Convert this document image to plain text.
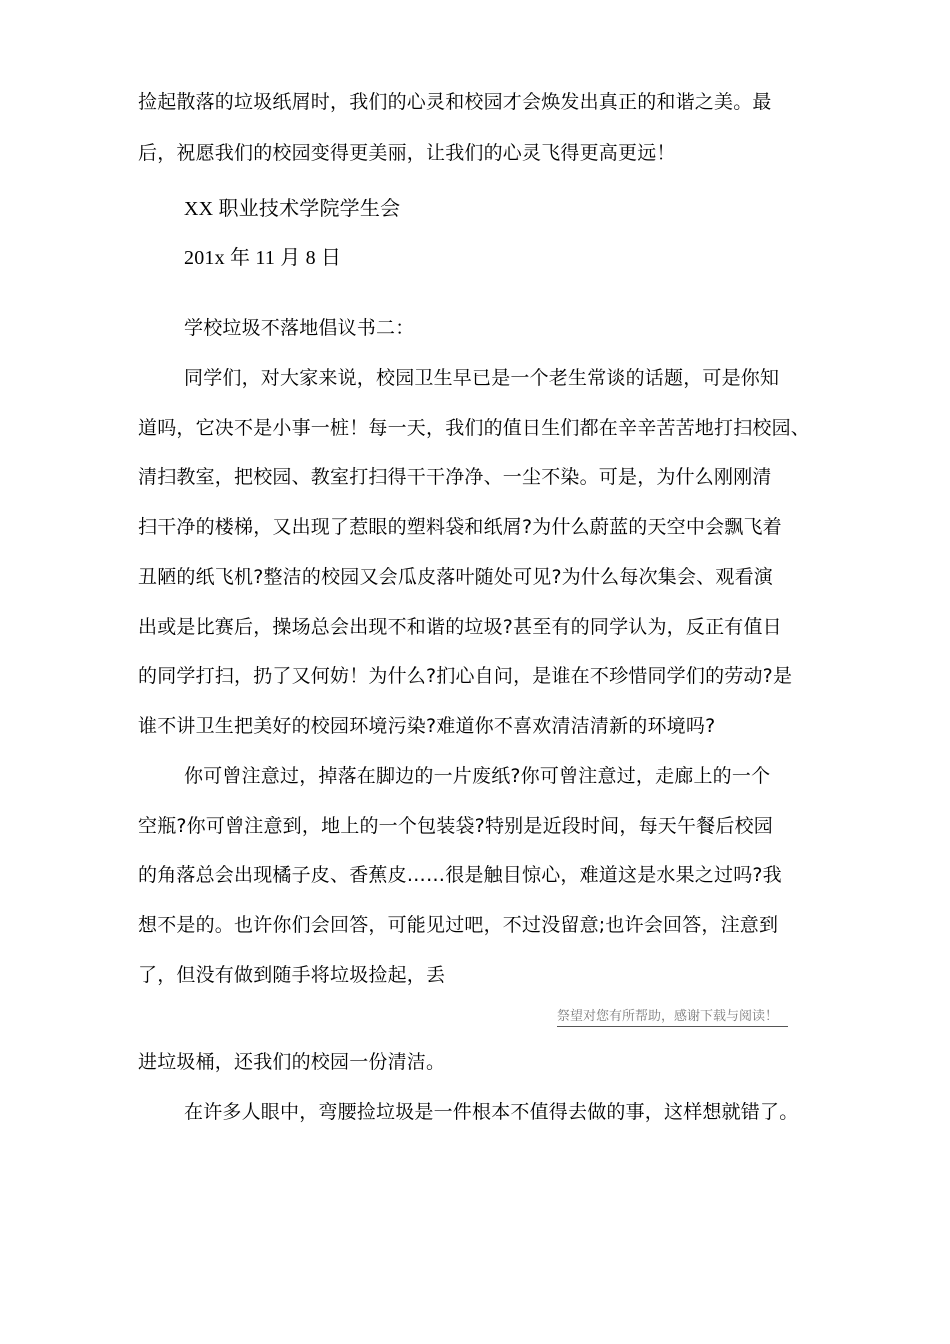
捡起散落的垃圾纸屑时，我们的心灵和校园才会焕发出真正的和谐之美。最
后，祝愿我们的校园变得更美丽，让我们的心灵飞得更高更远！
XX 职业技术学院学生会
201x 年 11 月 8 日
学校垃圾不落地倡议书二：
同学们，对大家来说，校园卫生早已是一个老生常谈的话题，可是你知
道吗，它决不是小事一桩！每一天，我们的值日生们都在辛辛苦苦地打扫校园、
清扫教室，把校园、教室打扫得干干净净、一尘不染。可是，为什么刚刚清
扫干净的楼梯，又出现了惹眼的塑料袋和纸屑?为什么蔚蓝的天空中会飘飞着
丑陋的纸飞机?整洁的校园又会瓜皮落叶随处可见?为什么每次集会、观看演
出或是比赛后，操场总会出现不和谐的垃圾?甚至有的同学认为，反正有值日
的同学打扫，扔了又何妨！为什么?扪心自问，是谁在不珍惜同学们的劳动?是
谁不讲卫生把美好的校园环境污染?难道你不喜欢清洁清新的环境吗?
你可曾注意过，掉落在脚边的一片废纸?你可曾注意过，走廊上的一个
空瓶?你可曾注意到，地上的一个包装袋?特别是近段时间，每天午餐后校园
的角落总会出现橘子皮、香蕉皮……很是触目惊心，难道这是水果之过吗?我
想不是的。也许你们会回答，可能见过吧，不过没留意;也许会回答，注意到
了，但没有做到随手将垃圾捡起，丢
祭望对您有所帮助，感谢下载与阅读！
进垃圾桶，还我们的校园一份清洁。
在许多人眼中，弯腰捡垃圾是一件根本不值得去做的事，这样想就错了。
